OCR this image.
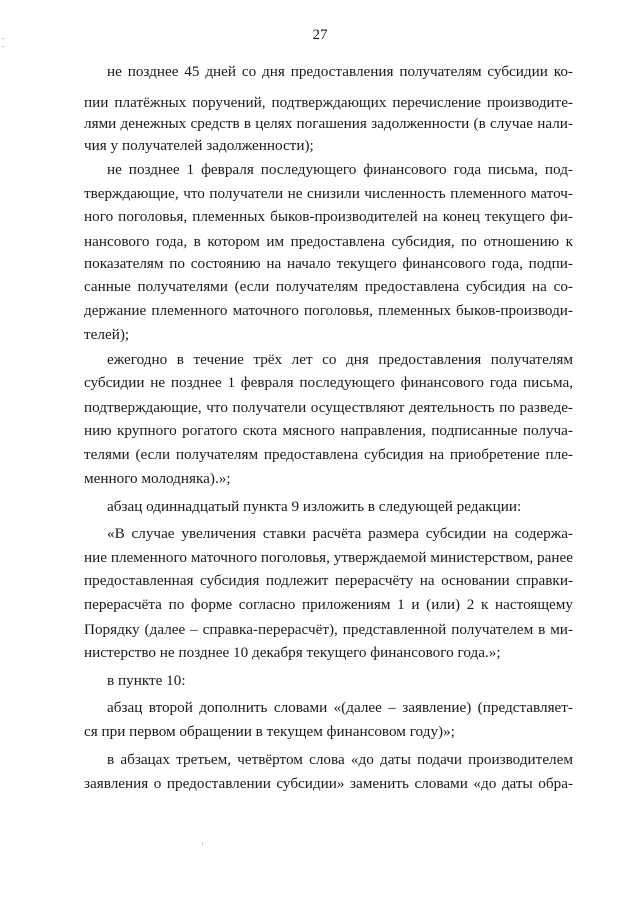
27
не позднее 45 дней со дня предоставления получателям субсидии ко-
пии платёжных поручений, подтверждающих перечисление производите-
лями денежных средств в целях погашения задолженности (в случае нали-
чия у получателей задолженности);
не позднее 1 февраля последующего финансового года письма, под-
тверждающие, что получатели не снизили численность племенного маточ-
ного поголовья, племенных быков-производителей на конец текущего фи-
нансового года, в котором им предоставлена субсидия, по отношению к
показателям по состоянию на начало текущего финансового года, подпи-
санные получателями (если получателям предоставлена субсидия на со-
держание племенного маточного поголовья, племенных быков-производи-
телей);
ежегодно в течение трёх лет со дня предоставления получателям
субсидии не позднее 1 февраля последующего финансового года письма,
подтверждающие, что получатели осуществляют деятельность по разведе-
нию крупного рогатого скота мясного направления, подписанные получа-
телями (если получателям предоставлена субсидия на приобретение пле-
менного молодняка).»;
абзац одиннадцатый пункта 9 изложить в следующей редакции:
«В случае увеличения ставки расчёта размера субсидии на содержа-
ние племенного маточного поголовья, утверждаемой министерством, ранее
предоставленная субсидия подлежит перерасчёту на основании справки-
перерасчёта по форме согласно приложениям 1 и (или) 2 к настоящему
Порядку (далее – справка-перерасчёт), представленной получателем в ми-
нистерство не позднее 10 декабря текущего финансового года.»;
в пункте 10:
абзац второй дополнить словами «(далее – заявление) (представляет-
ся при первом обращении в текущем финансовом году)»;
в абзацах третьем, четвёртом слова «до даты подачи производителем
заявления о предоставлении субсидии» заменить словами «до даты обра-
